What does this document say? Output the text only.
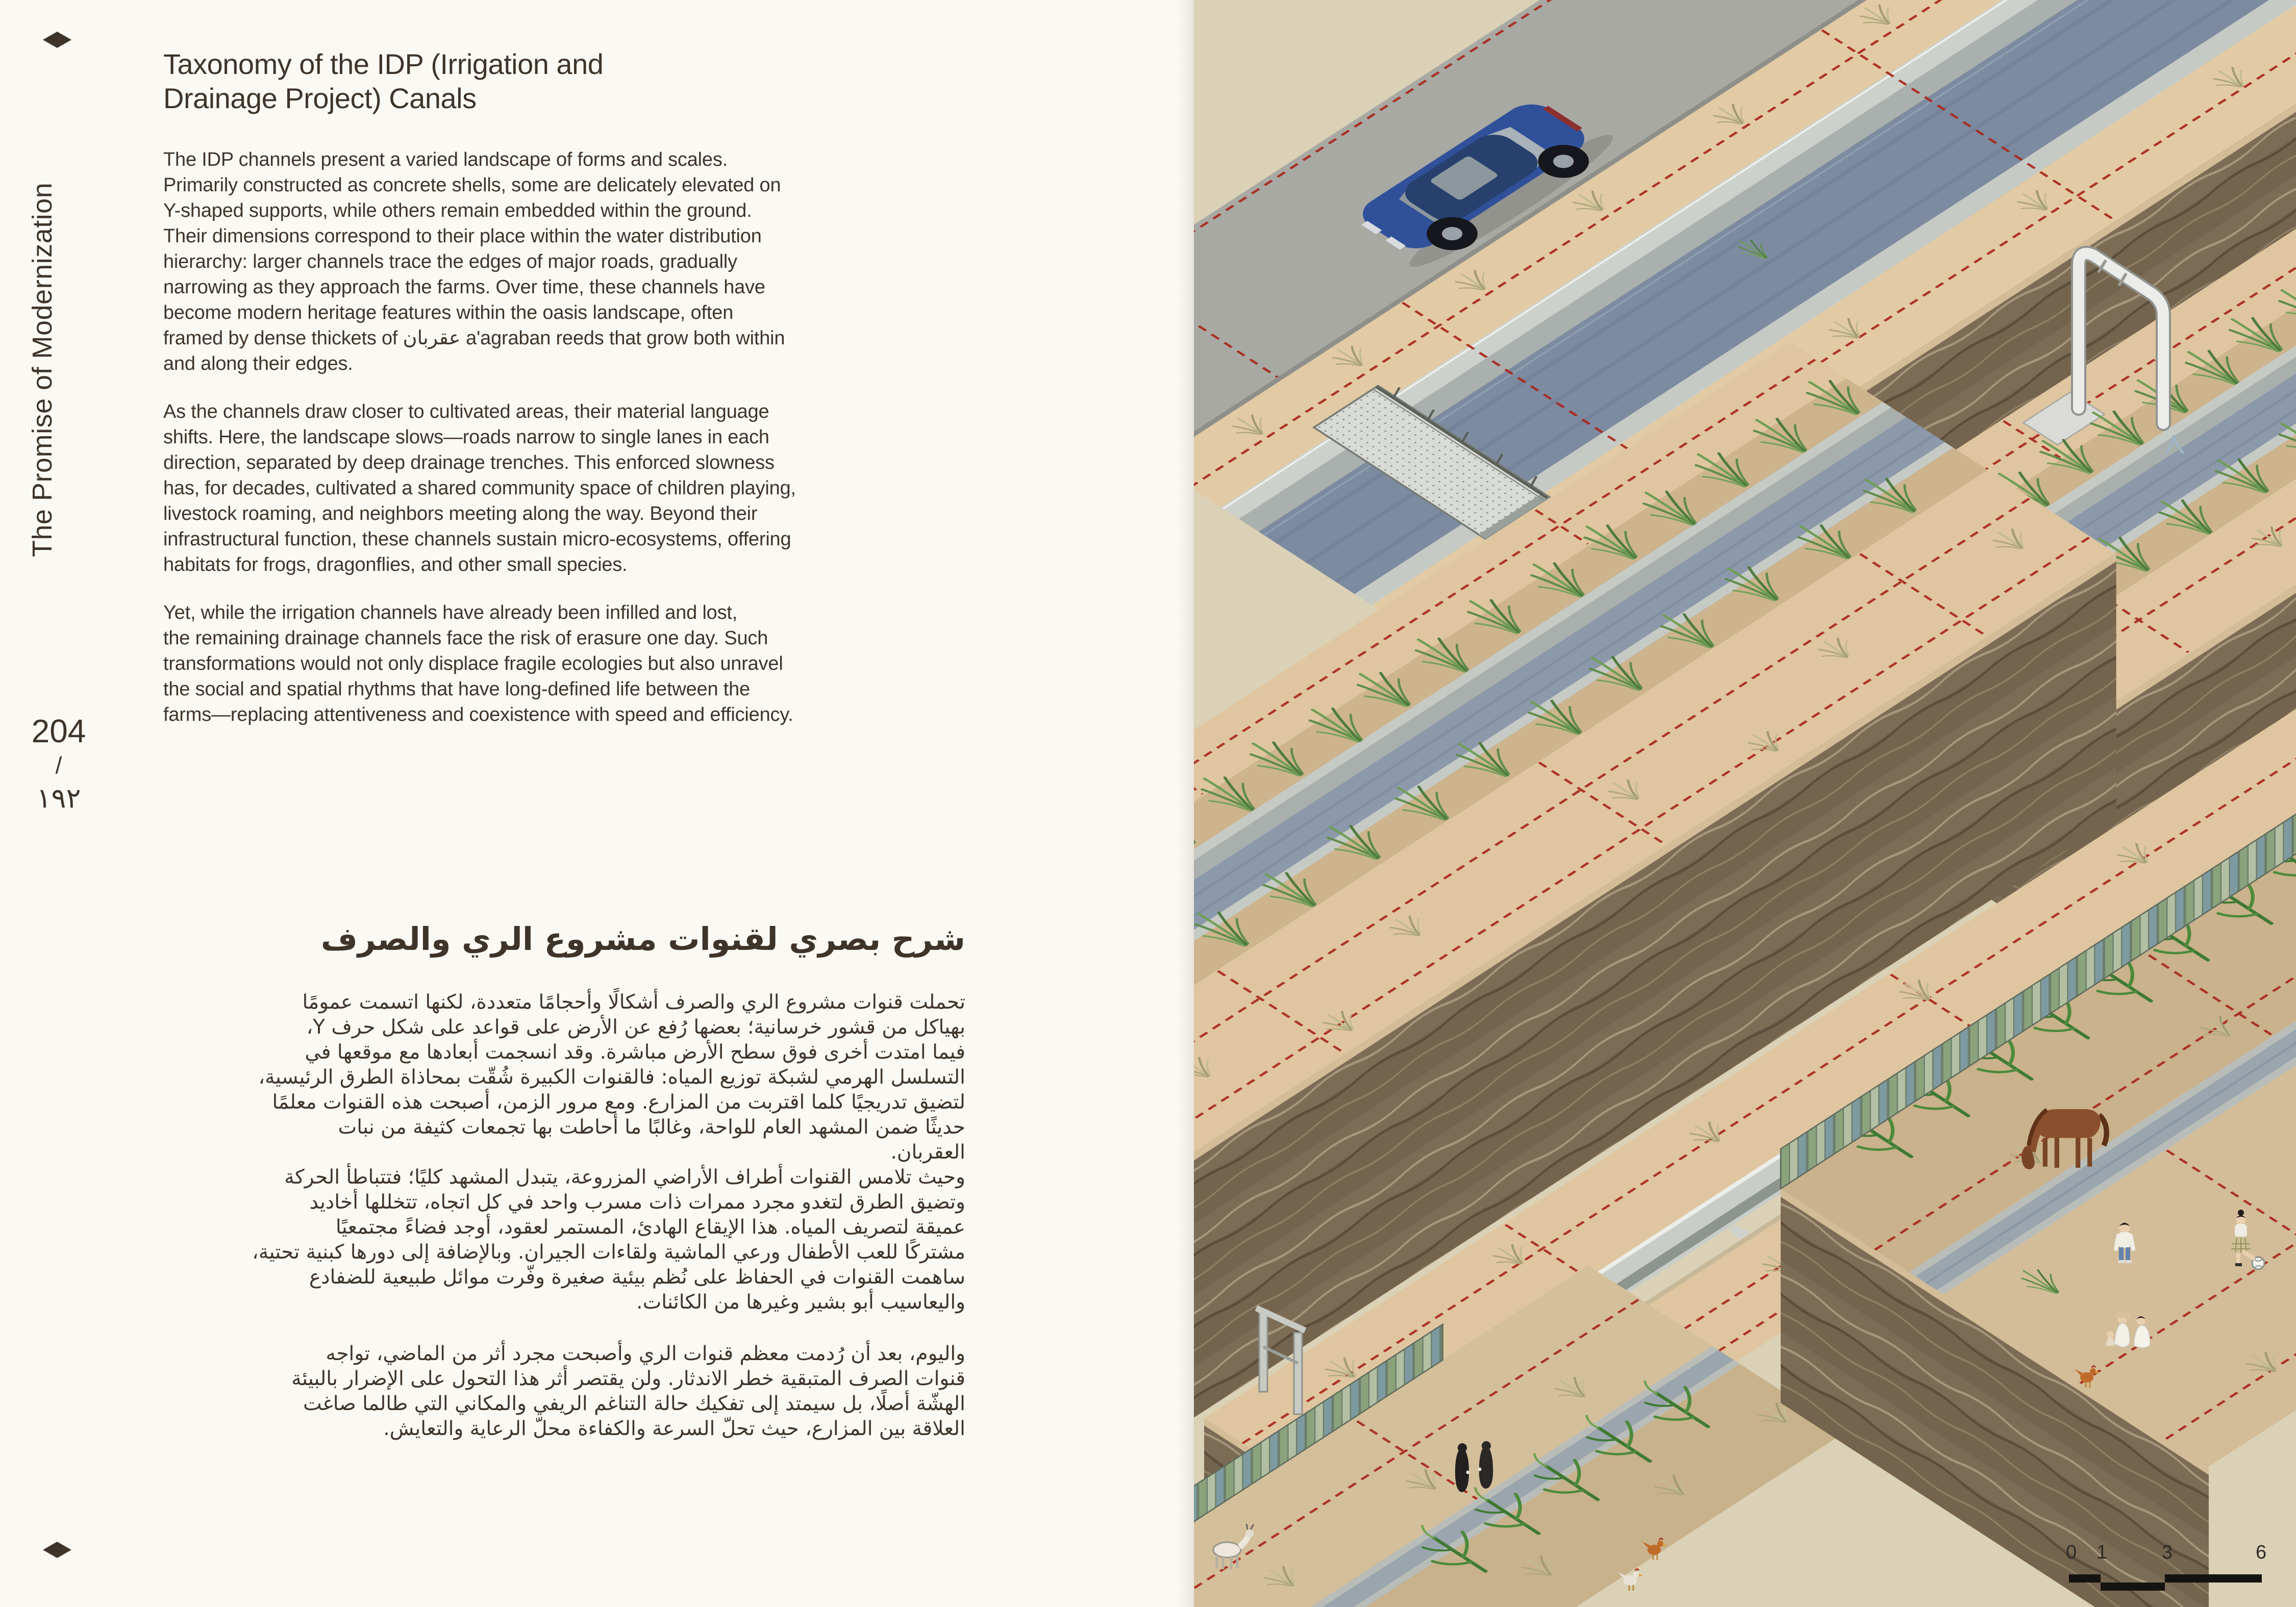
The Promise of Modernization
204
/
١٩٢
Taxonomy of the IDP (Irrigation and
Drainage Project) Canals

The IDP channels present a varied landscape of forms and scales.
Primarily constructed as concrete shells, some are delicately elevated on
Y-shaped supports, while others remain embedded within the ground.
Their dimensions correspond to their place within the water distribution
hierarchy: larger channels trace the edges of major roads, gradually
narrowing as they approach the farms. Over time, these channels have
become modern heritage features within the oasis landscape, often
framed by dense thickets of عقربان a'agraban reeds that grow both within
and along their edges.

As the channels draw closer to cultivated areas, their material language
shifts. Here, the landscape slows—roads narrow to single lanes in each
direction, separated by deep drainage trenches. This enforced slowness
has, for decades, cultivated a shared community space of children playing,
livestock roaming, and neighbors meeting along the way. Beyond their
infrastructural function, these channels sustain micro-ecosystems, offering
habitats for frogs, dragonflies, and other small species.

Yet, while the irrigation channels have already been infilled and lost,
the remaining drainage channels face the risk of erasure one day. Such
transformations would not only displace fragile ecologies but also unravel
the social and spatial rhythms that have long-defined life between the
farms—replacing attentiveness and coexistence with speed and efficiency.

شرح بصري لقنوات مشروع الري والصرف

تحملت قنوات مشروع الري والصرف أشكالًا وأحجامًا متعددة، لكنها اتسمت عمومًا
بهياكل من قشور خرسانية؛ بعضها رُفع عن الأرض على قواعد على شكل حرف Y،
فيما امتدت أخرى فوق سطح الأرض مباشرة. وقد انسجمت أبعادها مع موقعها في
التسلسل الهرمي لشبكة توزيع المياه: فالقنوات الكبيرة شُقّت بمحاذاة الطرق الرئيسية،
لتضيق تدريجيًا كلما اقتربت من المزارع. ومع مرور الزمن، أصبحت هذه القنوات معلمًا
حديثًا ضمن المشهد العام للواحة، وغالبًا ما أحاطت بها تجمعات كثيفة من نبات
العقربان.

وحيث تلامس القنوات أطراف الأراضي المزروعة، يتبدل المشهد كليًا؛ فتتباطأ الحركة
وتضيق الطرق لتغدو مجرد ممرات ذات مسرب واحد في كل اتجاه، تتخللها أخاديد
عميقة لتصريف المياه. هذا الإيقاع الهادئ، المستمر لعقود، أوجد فضاءً مجتمعيًا
مشتركًا للعب الأطفال ورعي الماشية ولقاءات الجيران. وبالإضافة إلى دورها كبنية تحتية،
ساهمت القنوات في الحفاظ على نُظم بيئية صغيرة وفّرت موائل طبيعية للضفادع
واليعاسيب أبو بشير وغيرها من الكائنات.

واليوم، بعد أن رُدمت معظم قنوات الري وأصبحت مجرد أثر من الماضي، تواجه
قنوات الصرف المتبقية خطر الاندثار. ولن يقتصر أثر هذا التحول على الإضرار بالبيئة
الهشّة أصلًا، بل سيمتد إلى تفكيك حالة التناغم الريفي والمكاني التي طالما صاغت
العلاقة بين المزارع، حيث تحلّ السرعة والكفاءة محلّ الرعاية والتعايش.

0 1	3	6
